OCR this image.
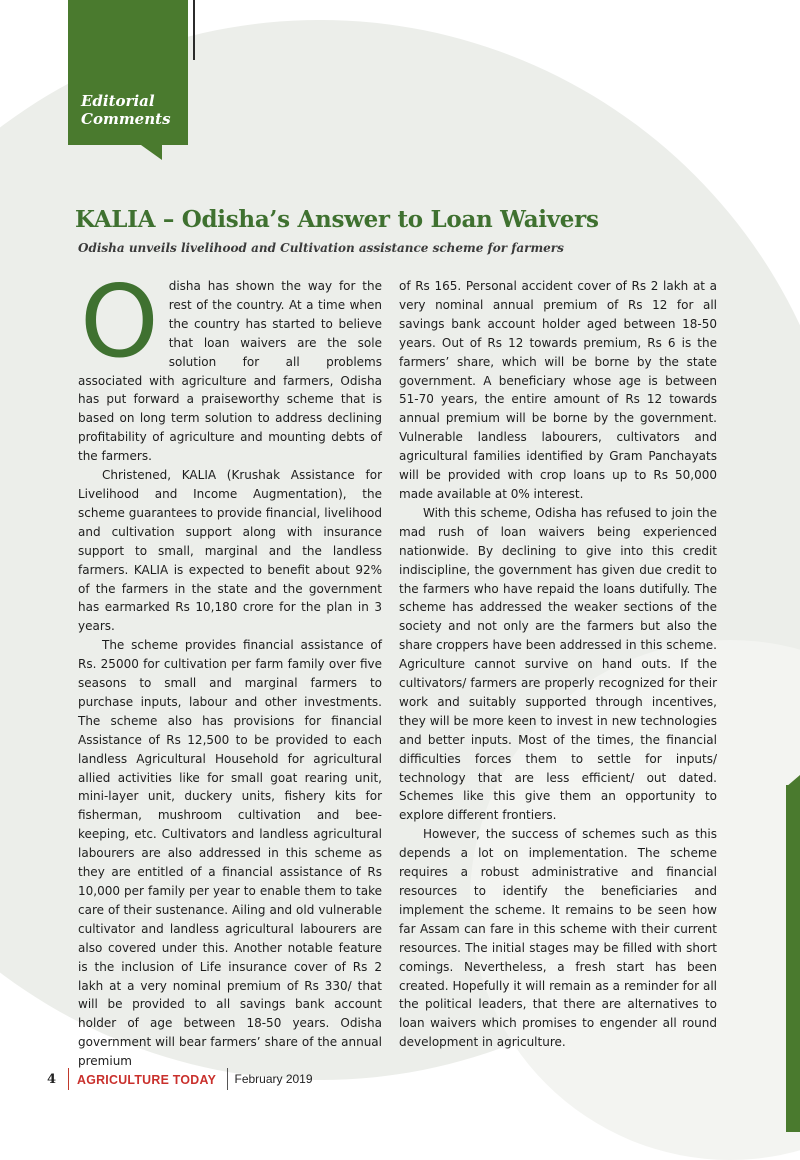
Editorial
Comments
KALIA – Odisha’s Answer to Loan Waivers

Odisha unveils livelihood and Cultivation assistance scheme for farmers

Odisha has shown the way for the rest of the country. At a time when the country has started to believe that loan waivers are the sole solution for all problems associated with agriculture and farmers, Odisha has put forward a praiseworthy scheme that is based on long term solution to address declining profitability of agriculture and mounting debts of the farmers.

Christened, KALIA (Krushak Assistance for Livelihood and Income Augmentation), the scheme guarantees to provide financial, livelihood and cultivation support along with insurance support to small, marginal and the landless farmers. KALIA is expected to benefit about 92% of the farmers in the state and the government has earmarked Rs 10,180 crore for the plan in 3 years.

The scheme provides financial assistance of Rs. 25000 for cultivation per farm family over five seasons to small and marginal farmers to purchase inputs, labour and other investments. The scheme also has provisions for financial Assistance of Rs 12,500 to be provided to each landless Agricultural Household for agricultural allied activities like for small goat rearing unit, mini-layer unit, duckery units, fishery kits for fisherman, mushroom cultivation and bee-keeping, etc. Cultivators and landless agricultural labourers are also addressed in this scheme as they are entitled of a financial assistance of Rs 10,000 per family per year to enable them to take care of their sustenance. Ailing and old vulnerable cultivator and landless agricultural labourers are also covered under this. Another notable feature is the inclusion of Life insurance cover of Rs 2 lakh at a very nominal premium of Rs 330/ that will be provided to all savings bank account holder of age between 18-50 years. Odisha government will bear farmers’ share of the annual premium

of Rs 165. Personal accident cover of Rs 2 lakh at a very nominal annual premium of Rs 12 for all savings bank account holder aged between 18-50 years. Out of Rs 12 towards premium, Rs 6 is the farmers’ share, which will be borne by the state government. A beneficiary whose age is between 51-70 years, the entire amount of Rs 12 towards annual premium will be borne by the government. Vulnerable landless labourers, cultivators and agricultural families identified by Gram Panchayats will be provided with crop loans up to Rs 50,000 made available at 0% interest.

With this scheme, Odisha has refused to join the mad rush of loan waivers being experienced nationwide. By declining to give into this credit indiscipline, the government has given due credit to the farmers who have repaid the loans dutifully. The scheme has addressed the weaker sections of the society and not only are the farmers but also the share croppers have been addressed in this scheme. Agriculture cannot survive on hand outs. If the cultivators/ farmers are properly recognized for their work and suitably supported through incentives, they will be more keen to invest in new technologies and better inputs. Most of the times, the financial difficulties forces them to settle for inputs/ technology that are less efficient/ out dated. Schemes like this give them an opportunity to explore different frontiers.

However, the success of schemes such as this depends a lot on implementation. The scheme requires a robust administrative and financial resources to identify the beneficiaries and implement the scheme. It remains to be seen how far Assam can fare in this scheme with their current resources. The initial stages may be filled with short comings. Nevertheless, a fresh start has been created. Hopefully it will remain as a reminder for all the political leaders, that there are alternatives to loan waivers which promises to engender all round development in agriculture.

4 AGRICULTURE TODAY February 2019
